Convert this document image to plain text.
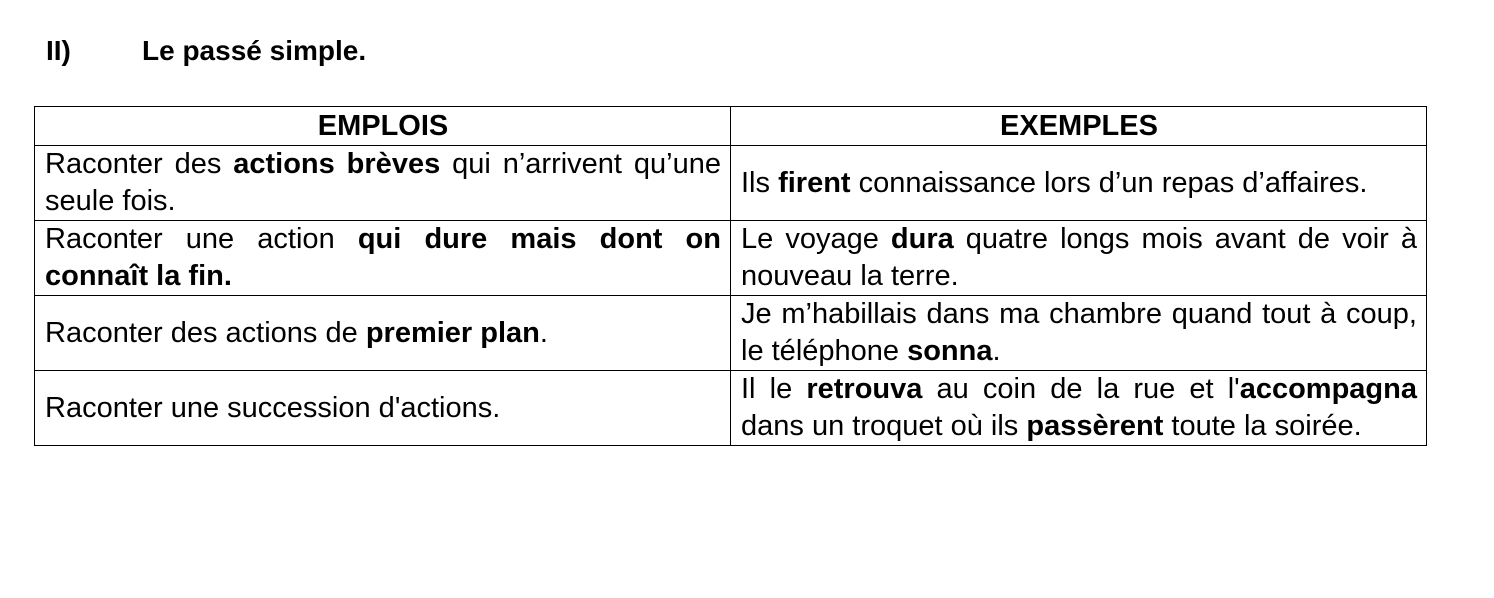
II)	Le passé simple.
EMPLOIS	EXEMPLES
Raconter des actions brèves qui n’arrivent qu’une seule fois.	Ils firent connaissance lors d’un repas d’affaires.
Raconter une action qui dure mais dont on connaît la fin.	Le voyage dura quatre longs mois avant de voir à nouveau la terre.
Raconter des actions de premier plan.	Je m’habillais dans ma chambre quand tout à coup, le téléphone sonna.
Raconter une succession d'actions.	Il le retrouva au coin de la rue et l'accompagna dans un troquet où ils passèrent toute la soirée.
